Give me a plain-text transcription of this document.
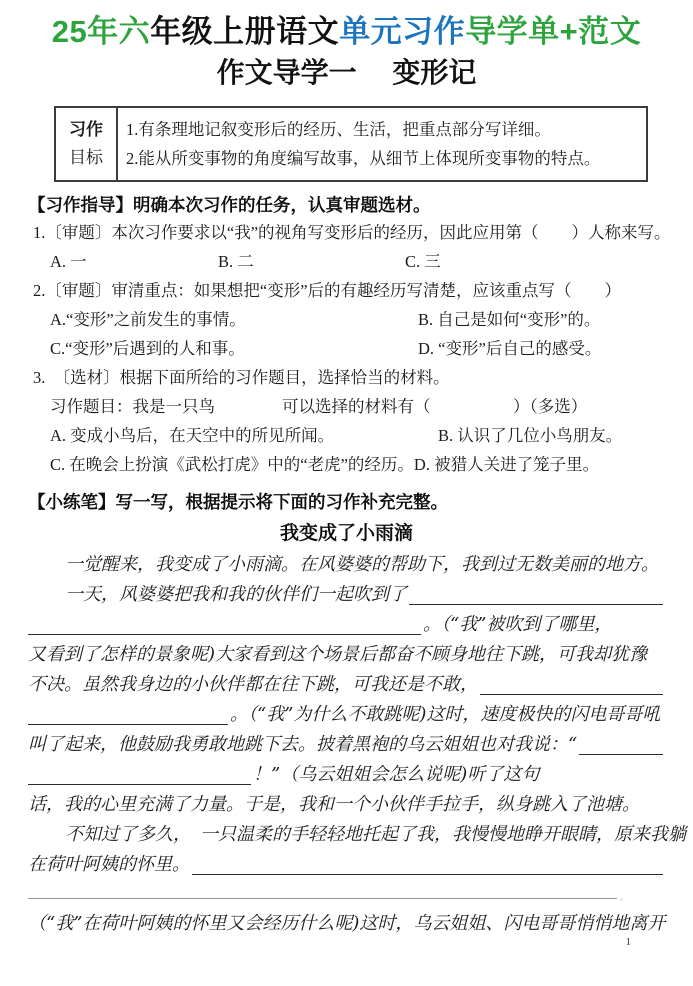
25年六年级上册语文单元习作导学单+范文
作文导学一　 变形记
习作
目标
1.有条理地记叙变形后的经历、生活，把重点部分写详细。
2.能从所变事物的角度编写故事，从细节上体现所变事物的特点。
【习作指导】明确本次习作的任务，认真审题选材。
1.〔审题〕本次习作要求以“我”的视角写变形后的经历，因此应用第（　　）人称来写。
A. 一	B. 二	C. 三
2.〔审题〕审清重点：如果想把“变形”后的有趣经历写清楚，应该重点写（　　）
A.“变形”之前发生的事情。	B. 自己是如何“变形”的。
C.“变形”后遇到的人和事。	D. “变形”后自己的感受。
3.　〔选材〕根据下面所给的习作题目，选择恰当的材料。
习作题目：我是一只鸟	可以选择的材料有（　　　　　）（多选）
A. 变成小鸟后，在天空中的所见所闻。	B. 认识了几位小鸟朋友。
C. 在晚会上扮演《武松打虎》中的“老虎”的经历。 D. 被猎人关进了笼子里。
【小练笔】写一写，根据提示将下面的习作补充完整。
我变成了小雨滴
一觉醒来，我变成了小雨滴。在风婆婆的帮助下，我到过无数美丽的地方。
一天，风婆婆把我和我的伙伴们一起吹到了
。（“我”被吹到了哪里，
又看到了怎样的景象呢)大家看到这个场景后都奋不顾身地往下跳，可我却犹豫
不决。虽然我身边的小伙伴都在往下跳，可我还是不敢，
。（“我”为什么不敢跳呢)这时，速度极快的闪电哥哥吼
叫了起来，他鼓励我勇敢地跳下去。披着黑袍的乌云姐姐也对我说：“
！”（乌云姐姐会怎么说呢)听了这句
话，我的心里充满了力量。于是，我和一个小伙伴手拉手，纵身跳入了池塘。
不知过了多久，　一只温柔的手轻轻地托起了我，我慢慢地睁开眼睛，原来我躺
在荷叶阿姨的怀里。
。
（“我”在荷叶阿姨的怀里又会经历什么呢)这时，乌云姐姐、闪电哥哥悄悄地离开
1
